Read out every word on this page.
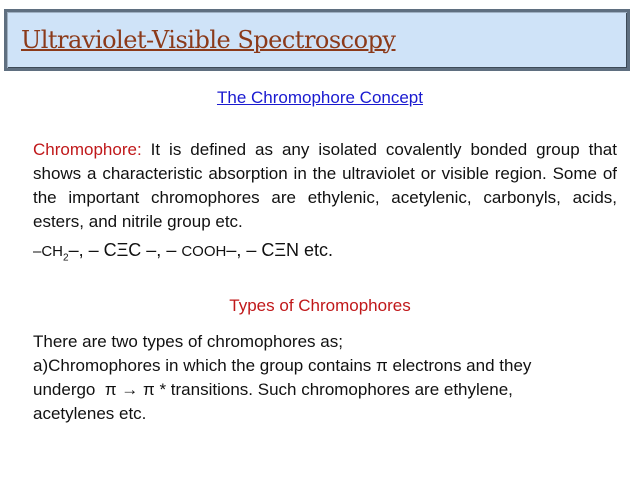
Ultraviolet-Visible Spectroscopy
The Chromophore Concept
Chromophore: It is defined as any isolated covalently bonded group that shows a characteristic absorption in the ultraviolet or visible region. Some of the important chromophores are ethylenic, acetylenic, carbonyls, acids, esters, and nitrile group etc.
$-CH_2-$, – CΞC –, – COOH–, – CΞN etc.
Types of Chromophores
There are two types of chromophores as;
a)Chromophores in which the group contains π electrons and they
undergo  π → π * transitions. Such chromophores are ethylene,
acetylenes etc.
